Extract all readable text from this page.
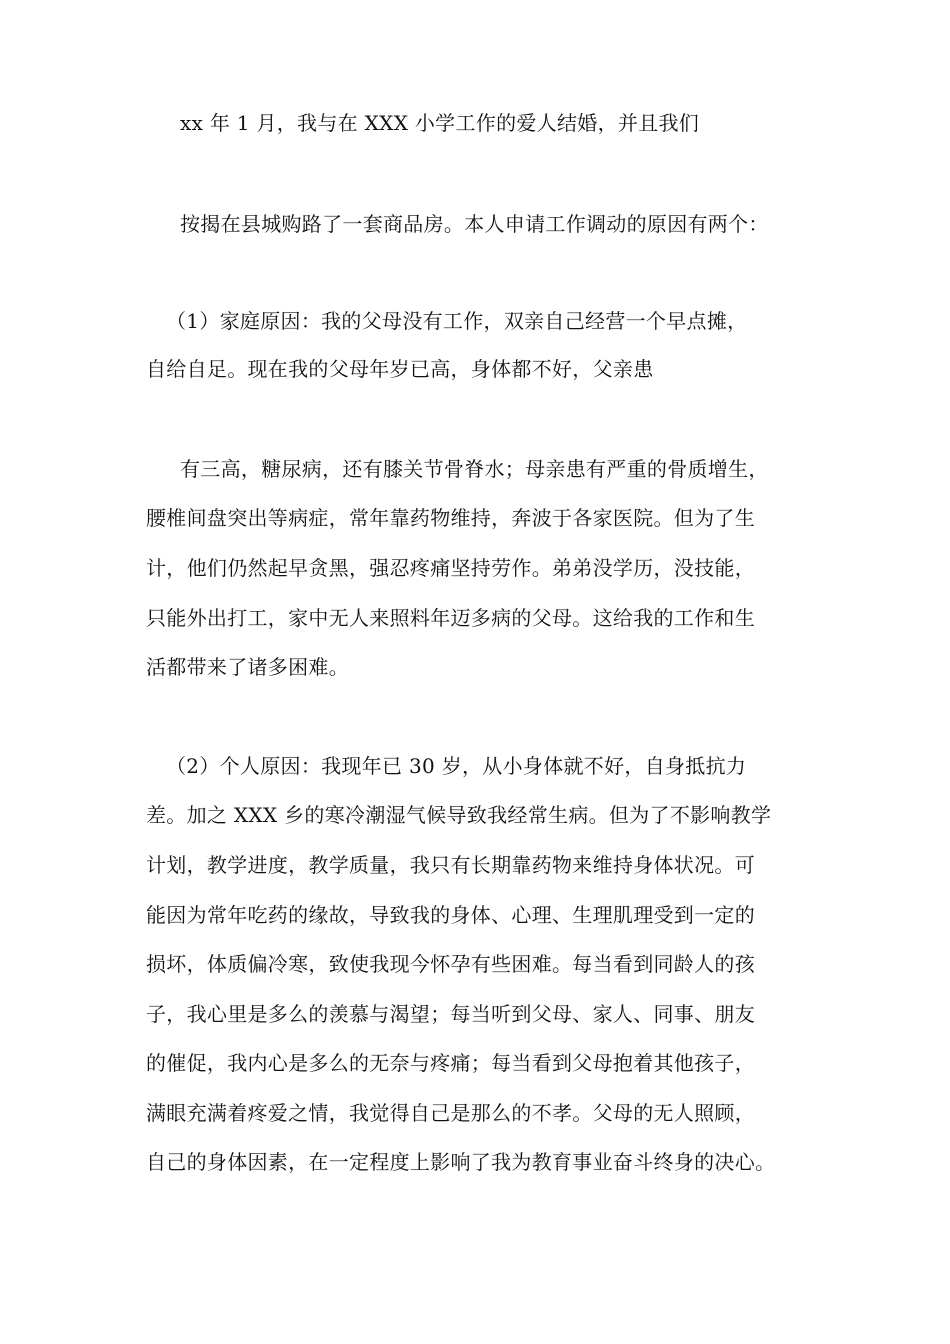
xx 年 1 月，我与在 XXX 小学工作的爱人结婚，并且我们
按揭在县城购路了一套商品房。本人申请工作调动的原因有两个：
（1）家庭原因：我的父母没有工作，双亲自己经营一个早点摊，
自给自足。现在我的父母年岁已高，身体都不好，父亲患
有三高，糖尿病，还有膝关节骨脊水；母亲患有严重的骨质增生，
腰椎间盘突出等病症，常年靠药物维持，奔波于各家医院。但为了生
计，他们仍然起早贪黑，强忍疼痛坚持劳作。弟弟没学历，没技能，
只能外出打工，家中无人来照料年迈多病的父母。这给我的工作和生
活都带来了诸多困难。
（2）个人原因：我现年已 30 岁，从小身体就不好，自身抵抗力
差。加之 XXX 乡的寒冷潮湿气候导致我经常生病。但为了不影响教学
计划，教学进度，教学质量，我只有长期靠药物来维持身体状况。可
能因为常年吃药的缘故，导致我的身体、心理、生理肌理受到一定的
损坏，体质偏冷寒，致使我现今怀孕有些困难。每当看到同龄人的孩
子，我心里是多么的羡慕与渴望；每当听到父母、家人、同事、朋友
的催促，我内心是多么的无奈与疼痛；每当看到父母抱着其他孩子，
满眼充满着疼爱之情，我觉得自己是那么的不孝。父母的无人照顾，
自己的身体因素，在一定程度上影响了我为教育事业奋斗终身的决心。
